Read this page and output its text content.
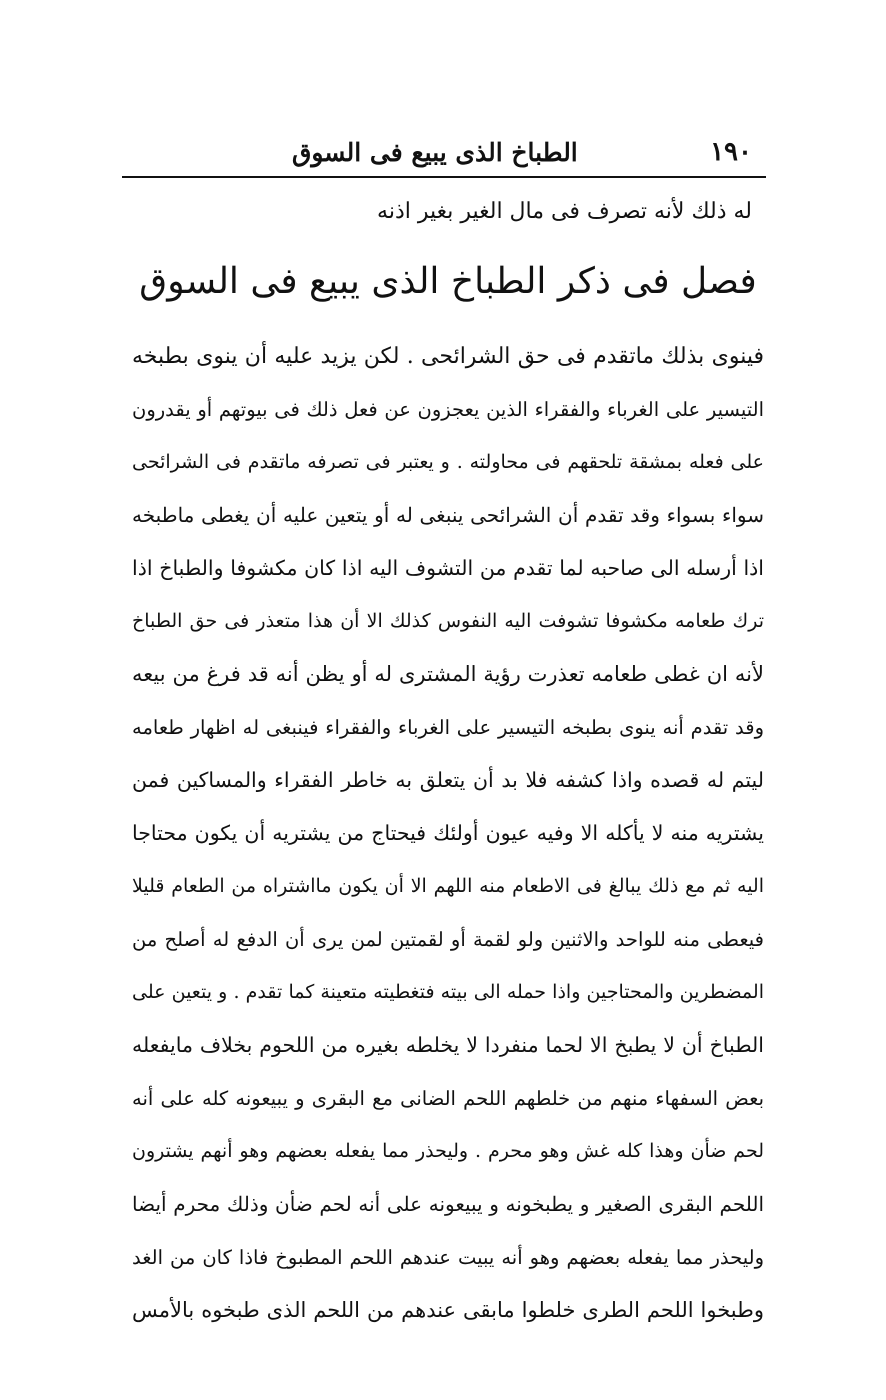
١٩٠
الطباخ الذى يبيع فى السوق
له ذلك لأنه تصرف فى مال الغير بغير اذنه
فصل فى ذكر الطباخ الذى يبيع فى السوق
فينوى بذلك ماتقدم فى حق الشرائحى . لكن يزيد عليه أن ينوى بطبخه
التيسير على الغرباء والفقراء الذين يعجزون عن فعل ذلك فى بيوتهم أو يقدرون
على فعله بمشقة تلحقهم فى محاولته . و يعتبر فى تصرفه ماتقدم فى الشرائحى
سواء بسواء وقد تقدم أن الشرائحى ينبغى له أو يتعين عليه أن يغطى ماطبخه
اذا أرسله الى صاحبه لما تقدم من التشوف اليه اذا كان مكشوفا والطباخ اذا
ترك طعامه مكشوفا تشوفت اليه النفوس كذلك الا أن هذا متعذر فى حق الطباخ
لأنه ان غطى طعامه تعذرت رؤية المشترى له أو يظن أنه قد فرغ من بيعه
وقد تقدم أنه ينوى بطبخه التيسير على الغرباء والفقراء فينبغى له اظهار طعامه
ليتم له قصده واذا كشفه فلا بد أن يتعلق به خاطر الفقراء والمساكين فمن
يشتريه منه لا يأكله الا وفيه عيون أولئك فيحتاج من يشتريه أن يكون محتاجا
اليه ثم مع ذلك يبالغ فى الاطعام منه اللهم الا أن يكون مااشتراه من الطعام قليلا
فيعطى منه للواحد والاثنين ولو لقمة أو لقمتين لمن يرى أن الدفع له أصلح من
المضطرين والمحتاجين واذا حمله الى بيته فتغطيته متعينة كما تقدم . و يتعين على
الطباخ أن لا يطبخ الا لحما منفردا لا يخلطه بغيره من اللحوم بخلاف مايفعله
بعض السفهاء منهم من خلطهم اللحم الضانى مع البقرى و يبيعونه كله على أنه
لحم ضأن وهذا كله غش وهو محرم . وليحذر مما يفعله بعضهم وهو أنهم يشترون
اللحم البقرى الصغير و يطبخونه و يبيعونه على أنه لحم ضأن وذلك محرم أيضا
وليحذر مما يفعله بعضهم وهو أنه يبيت عندهم اللحم المطبوخ فاذا كان من الغد
وطبخوا اللحم الطرى خلطوا مابقى عندهم من اللحم الذى طبخوه بالأمس
